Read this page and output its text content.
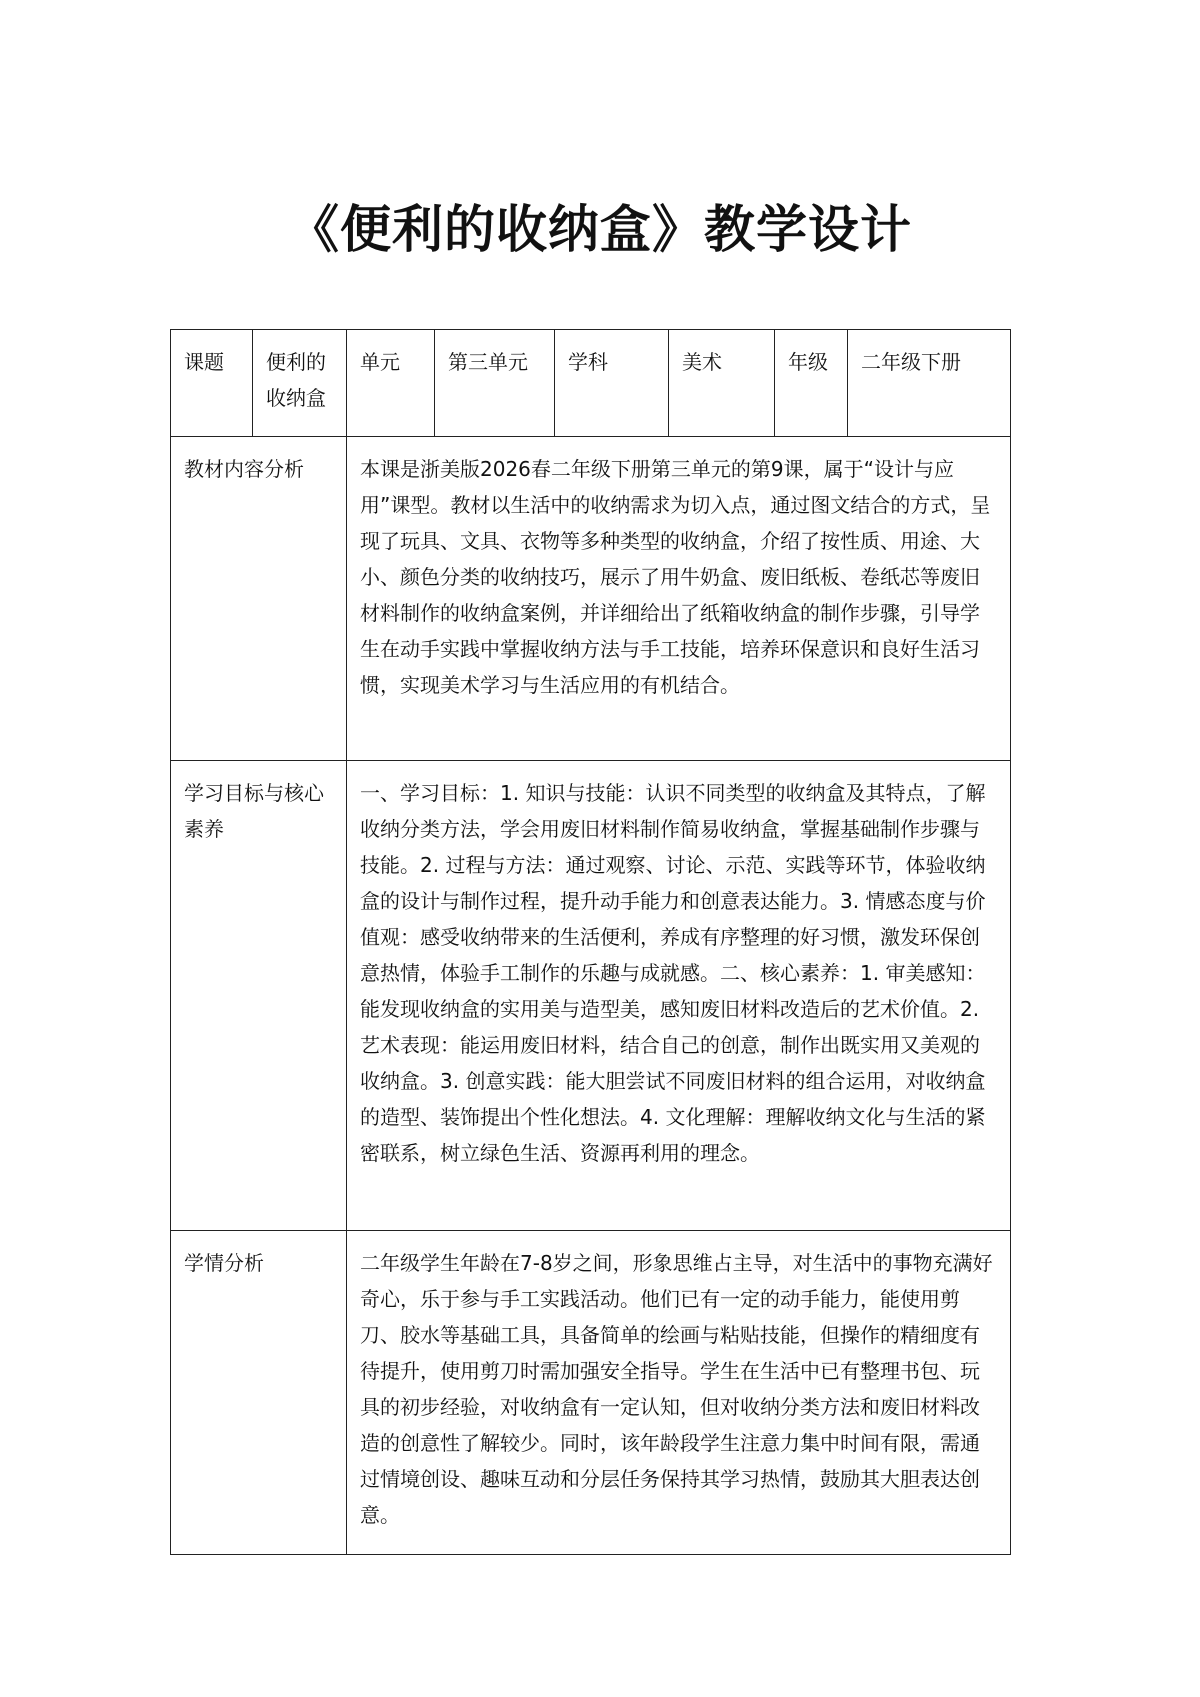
《便利的收纳盒》教学设计
课题	便利的收纳盒	单元	第三单元	学科	美术	年级	二年级下册
教材内容分析		本课是浙美版2026春二年级下册第三单元的第9课，属于“设计与应用”课型。教材以生活中的收纳需求为切入点，通过图文结合的方式，呈现了玩具、文具、衣物等多种类型的收纳盒，介绍了按性质、用途、大小、颜色分类的收纳技巧，展示了用牛奶盒、废旧纸板、卷纸芯等废旧材料制作的收纳盒案例，并详细给出了纸箱收纳盒的制作步骤，引导学生在动手实践中掌握收纳方法与手工技能，培养环保意识和良好生活习惯，实现美术学习与生活应用的有机结合。					
学习目标与核心素养		一、学习目标：1. 知识与技能：认识不同类型的收纳盒及其特点，了解收纳分类方法，学会用废旧材料制作简易收纳盒，掌握基础制作步骤与技能。2. 过程与方法：通过观察、讨论、示范、实践等环节，体验收纳盒的设计与制作过程，提升动手能力和创意表达能力。3. 情感态度与价值观：感受收纳带来的生活便利，养成有序整理的好习惯，激发环保创意热情，体验手工制作的乐趣与成就感。二、核心素养：1. 审美感知：能发现收纳盒的实用美与造型美，感知废旧材料改造后的艺术价值。2. 艺术表现：能运用废旧材料，结合自己的创意，制作出既实用又美观的收纳盒。3. 创意实践：能大胆尝试不同废旧材料的组合运用，对收纳盒的造型、装饰提出个性化想法。4. 文化理解：理解收纳文化与生活的紧密联系，树立绿色生活、资源再利用的理念。					
学情分析		二年级学生年龄在7-8岁之间，形象思维占主导，对生活中的事物充满好奇心，乐于参与手工实践活动。他们已有一定的动手能力，能使用剪刀、胶水等基础工具，具备简单的绘画与粘贴技能，但操作的精细度有待提升，使用剪刀时需加强安全指导。学生在生活中已有整理书包、玩具的初步经验，对收纳盒有一定认知，但对收纳分类方法和废旧材料改造的创意性了解较少。同时，该年龄段学生注意力集中时间有限，需通过情境创设、趣味互动和分层任务保持其学习热情，鼓励其大胆表达创意。					
